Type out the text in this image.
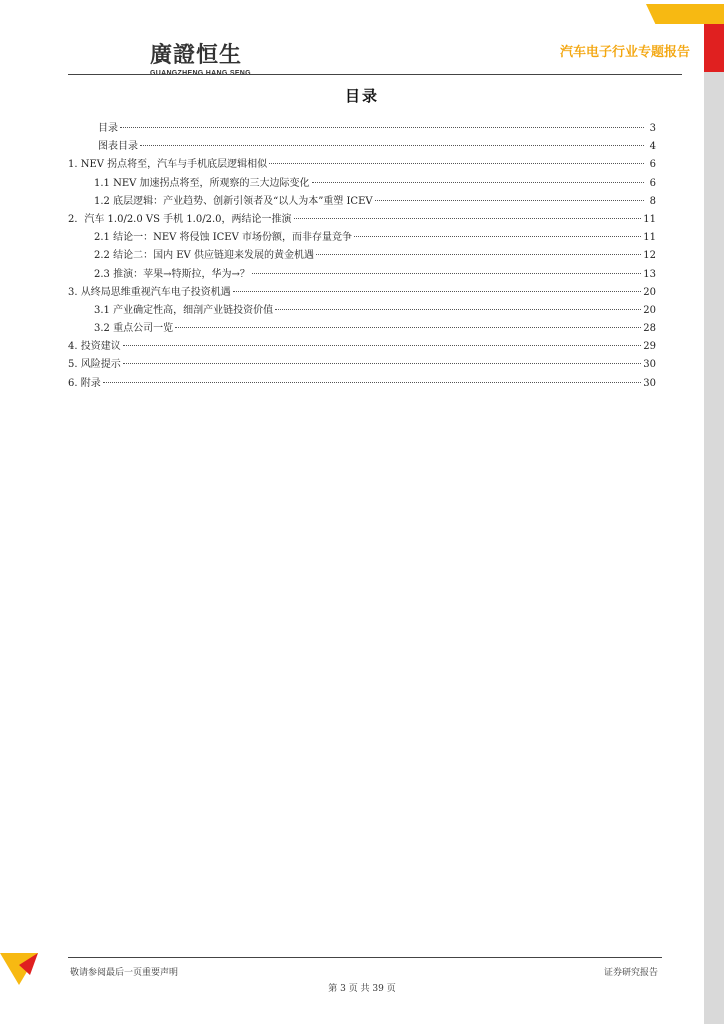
廣證恒生	汽车电子行业专题报告
目录
目录	3
图表目录	4
1. NEV 拐点将至，汽车与手机底层逻辑相似	6
1.1 NEV 加速拐点将至，所观察的三大边际变化	6
1.2 底层逻辑：产业趋势、创新引领者及“以人为本”重塑 ICEV	8
2．汽车 1.0/2.0 VS 手机 1.0/2.0，两结论一推演	11
2.1 结论一：NEV 将侵蚀 ICEV 市场份额，而非存量竞争	11
2.2 结论二：国内 EV 供应链迎来发展的黄金机遇	12
2.3 推演：苹果→特斯拉，华为→？	13
3. 从终局思维重视汽车电子投资机遇	20
3.1 产业确定性高，细剖产业链投资价值	20
3.2 重点公司一览	28
4. 投资建议	29
5. 风险提示	30
6. 附录	30
敬请参阅最后一页重要声明	证券研究报告
第 3 页 共 39 页
